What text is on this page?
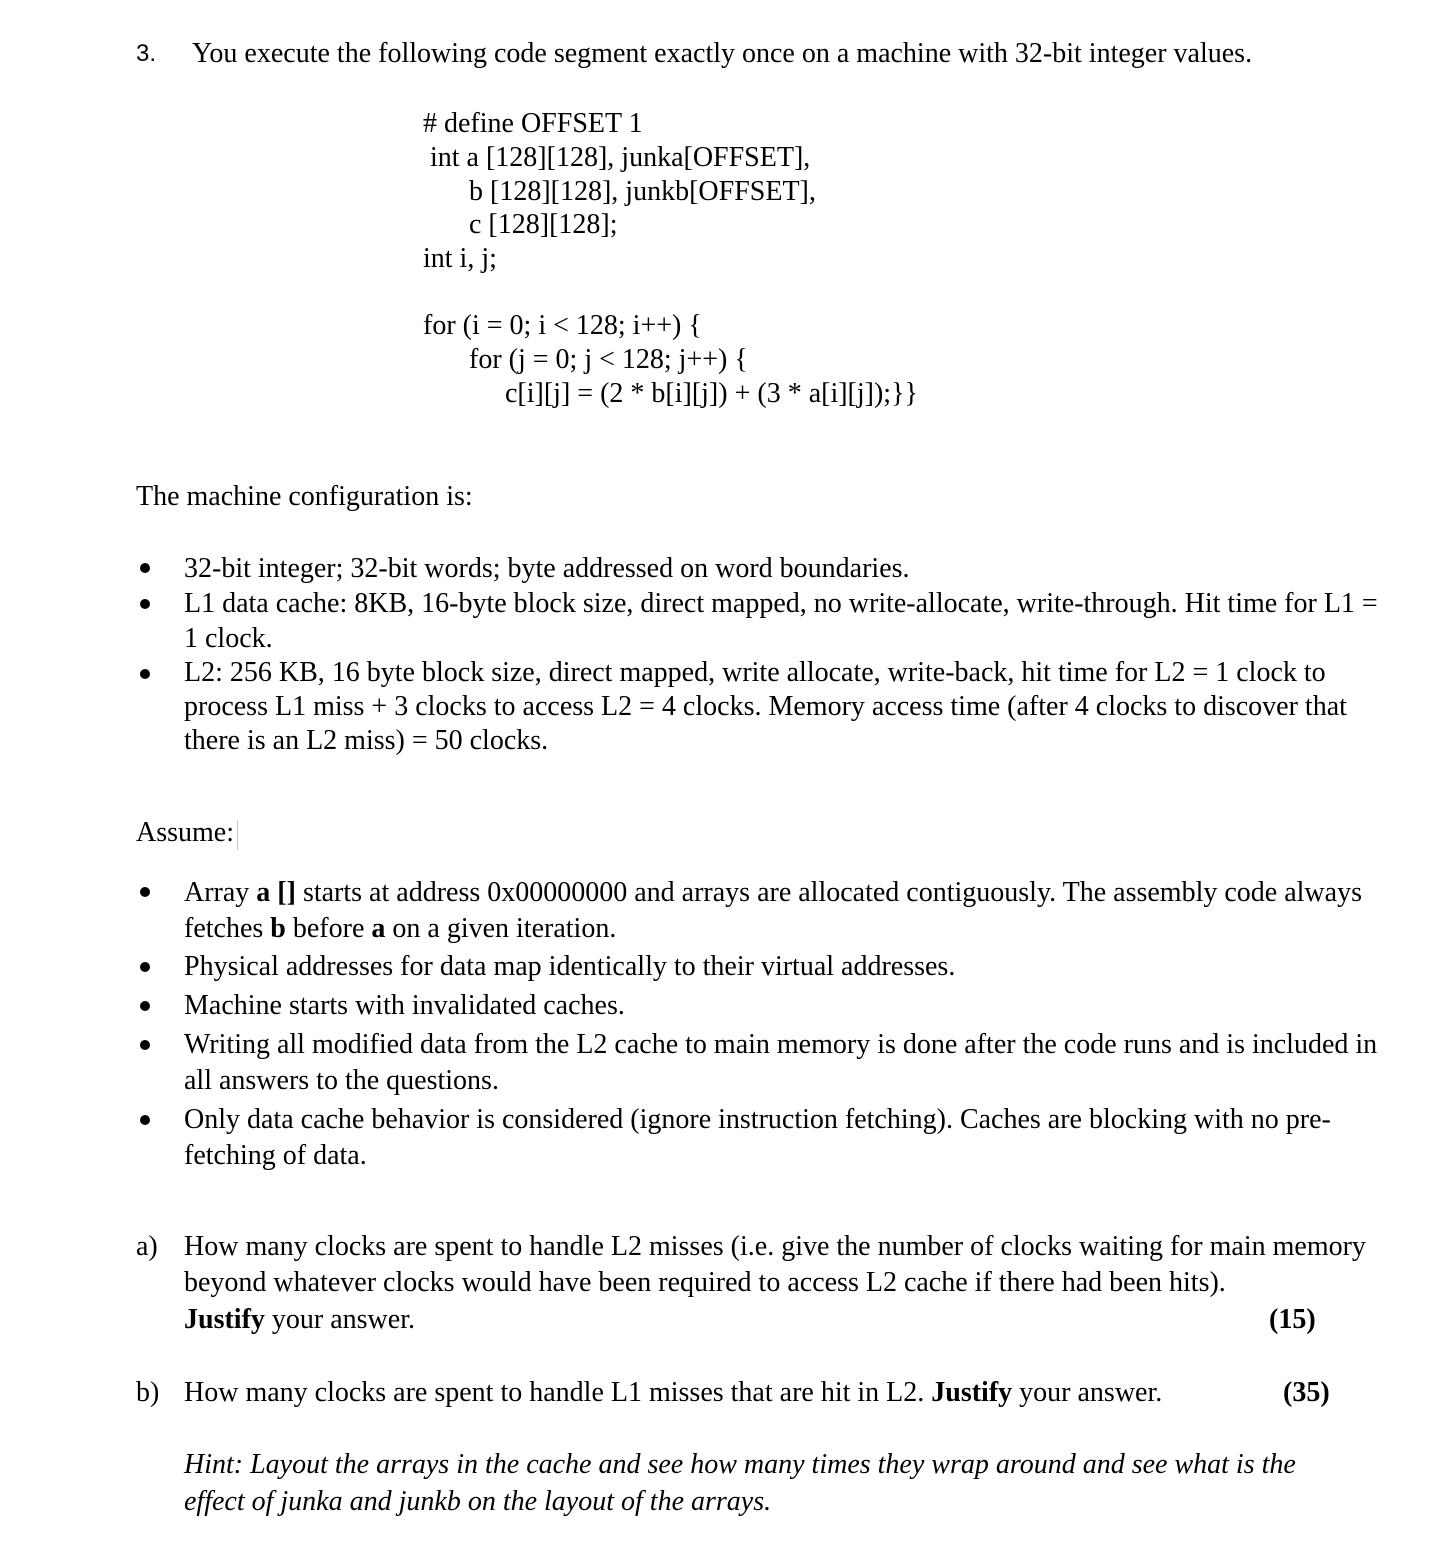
3. You execute the following code segment exactly once on a machine with 32-bit integer values.
# define OFFSET 1
int a [128][128], junka[OFFSET],
b [128][128], junkb[OFFSET],
c [128][128];
int i, j;
for (i = 0; i < 128; i++) {
for (j = 0; j < 128; j++) {
c[i][j] = (2 * b[i][j]) + (3 * a[i][j]);}}
The machine configuration is:
32-bit integer; 32-bit words; byte addressed on word boundaries.
L1 data cache: 8KB, 16-byte block size, direct mapped, no write-allocate, write-through. Hit time for L1 = 1 clock.
L2: 256 KB, 16 byte block size, direct mapped, write allocate, write-back, hit time for L2 = 1 clock to process L1 miss + 3 clocks to access L2 = 4 clocks. Memory access time (after 4 clocks to discover that there is an L2 miss) = 50 clocks.
Assume:
Array a [] starts at address 0x00000000 and arrays are allocated contiguously. The assembly code always fetches b before a on a given iteration.
Physical addresses for data map identically to their virtual addresses.
Machine starts with invalidated caches.
Writing all modified data from the L2 cache to main memory is done after the code runs and is included in all answers to the questions.
Only data cache behavior is considered (ignore instruction fetching). Caches are blocking with no pre-fetching of data.
a) How many clocks are spent to handle L2 misses (i.e. give the number of clocks waiting for main memory beyond whatever clocks would have been required to access L2 cache if there had been hits).
Justify your answer.	(15)
b) How many clocks are spent to handle L1 misses that are hit in L2. Justify your answer.	(35)
Hint: Layout the arrays in the cache and see how many times they wrap around and see what is the
effect of junka and junkb on the layout of the arrays.
